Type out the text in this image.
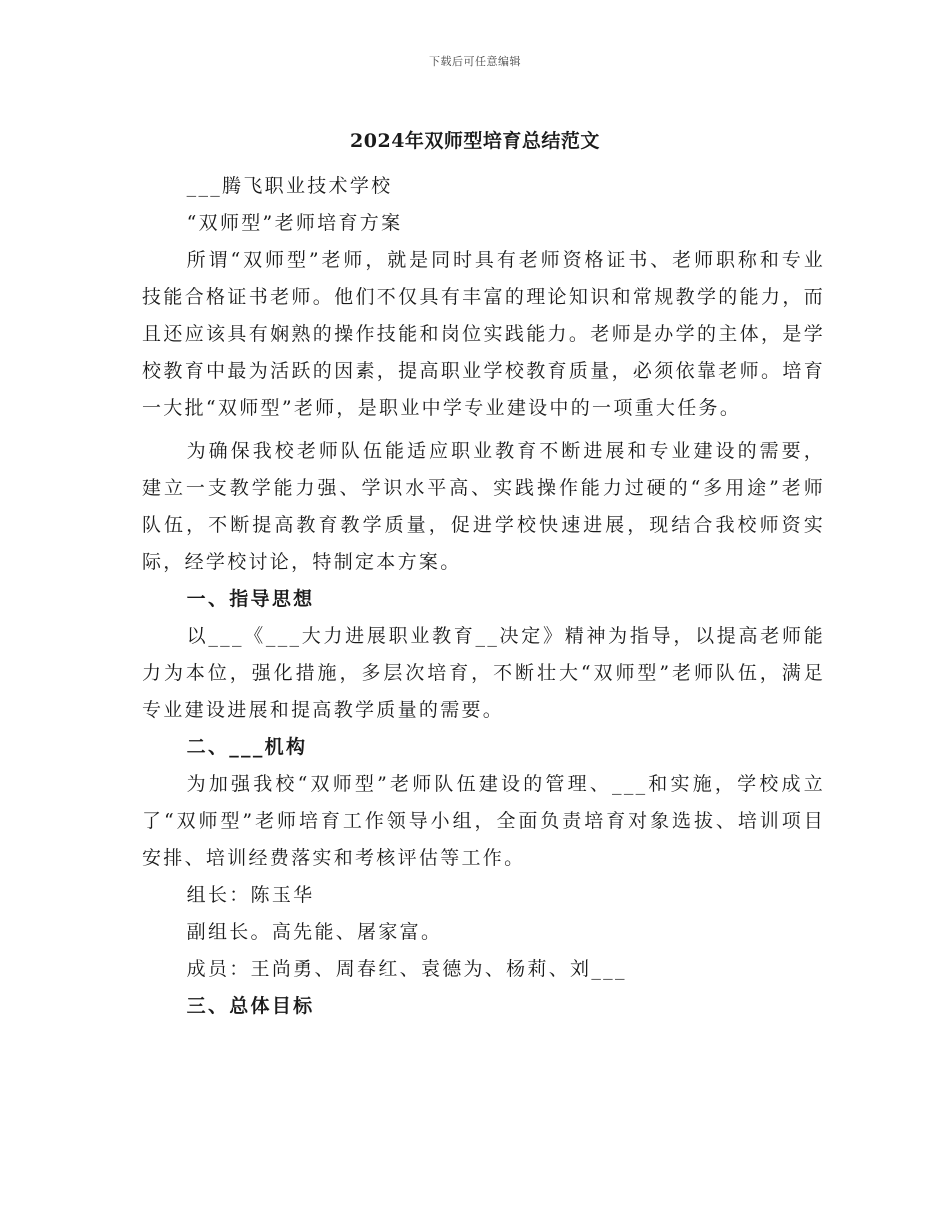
下载后可任意编辑
2024年双师型培育总结范文

___腾飞职业技术学校

“双师型”老师培育方案

所谓“双师型”老师，就是同时具有老师资格证书、老师职称和专业技能合格证书老师。他们不仅具有丰富的理论知识和常规教学的能力，而且还应该具有娴熟的操作技能和岗位实践能力。老师是办学的主体，是学校教育中最为活跃的因素，提高职业学校教育质量，必须依靠老师。培育一大批“双师型”老师，是职业中学专业建设中的一项重大任务。

为确保我校老师队伍能适应职业教育不断进展和专业建设的需要，建立一支教学能力强、学识水平高、实践操作能力过硬的“多用途”老师队伍，不断提高教育教学质量，促进学校快速进展，现结合我校师资实际，经学校讨论，特制定本方案。

一、指导思想

以___《___大力进展职业教育__决定》精神为指导，以提高老师能力为本位，强化措施，多层次培育，不断壮大“双师型”老师队伍，满足专业建设进展和提高教学质量的需要。

二、___机构

为加强我校“双师型”老师队伍建设的管理、___和实施，学校成立了“双师型”老师培育工作领导小组，全面负责培育对象选拔、培训项目安排、培训经费落实和考核评估等工作。

组长：陈玉华

副组长。高先能、屠家富。

成员：王尚勇、周春红、袁德为、杨莉、刘___

三、总体目标
